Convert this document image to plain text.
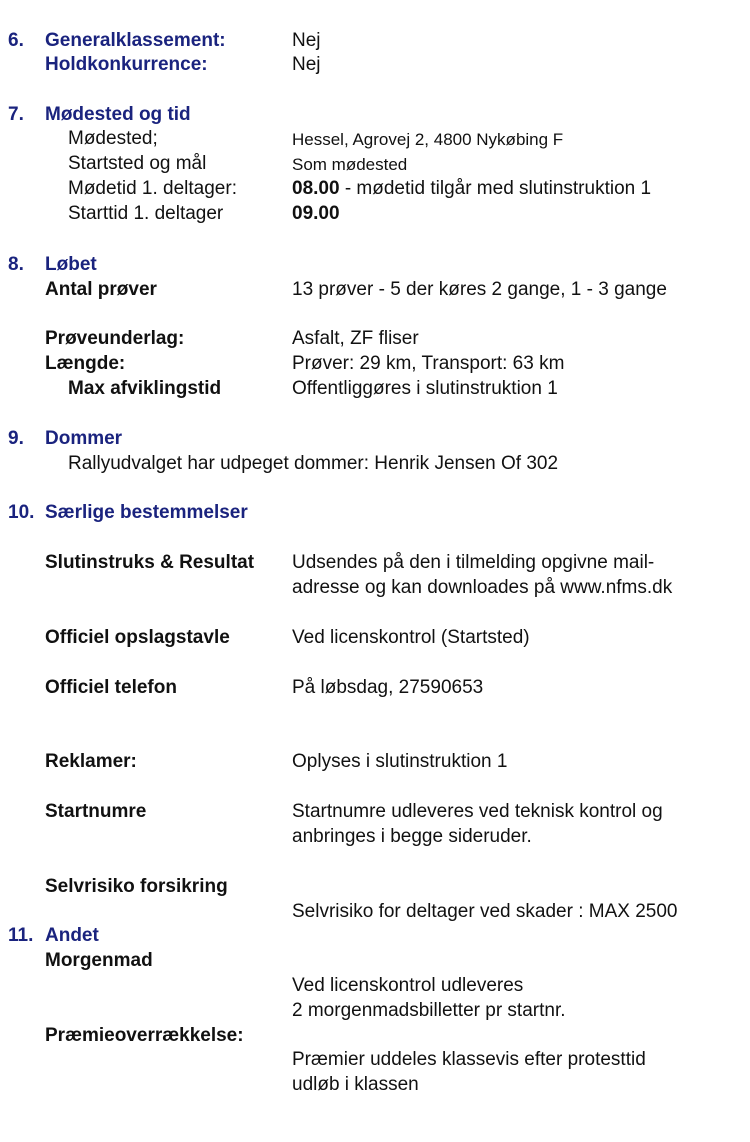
6. Generalklassement:	Nej
Holdkonkurrence:	Nej
7. Mødested og tid
Mødested;	Hessel, Agrovej 2, 4800 Nykøbing F
Startsted og mål	Som mødested
Mødetid 1. deltager:	08.00 - mødetid tilgår med slutinstruktion 1
Starttid 1. deltager	09.00
8. Løbet
Antal prøver	13 prøver - 5 der køres 2 gange, 1 - 3 gange
Prøveunderlag:	Asfalt, ZF fliser
Længde:	Prøver: 29 km, Transport: 63 km
Max afviklingstid	Offentliggøres i slutinstruktion 1
9. Dommer
Rallyudvalget har udpeget dommer: Henrik Jensen Of 302
10. Særlige bestemmelser
Slutinstruks & Resultat Udsendes på den i tilmelding opgivne mail-
adresse og kan downloades på www.nfms.dk
Officiel opslagstavle	Ved licenskontrol (Startsted)
Officiel telefon	På løbsdag, 27590653
Reklamer:	Oplyses i slutinstruktion 1
Startnumre	Startnumre udleveres ved teknisk kontrol og
anbringes i begge sideruder.
Selvrisiko forsikring
Selvrisiko for deltager ved skader : MAX 2500
11. Andet
Morgenmad
Ved licenskontrol udleveres
2 morgenmadsbilletter pr startnr.
Præmieoverrækkelse:
Præmier uddeles klassevis efter protesttid
udløb i klassen
